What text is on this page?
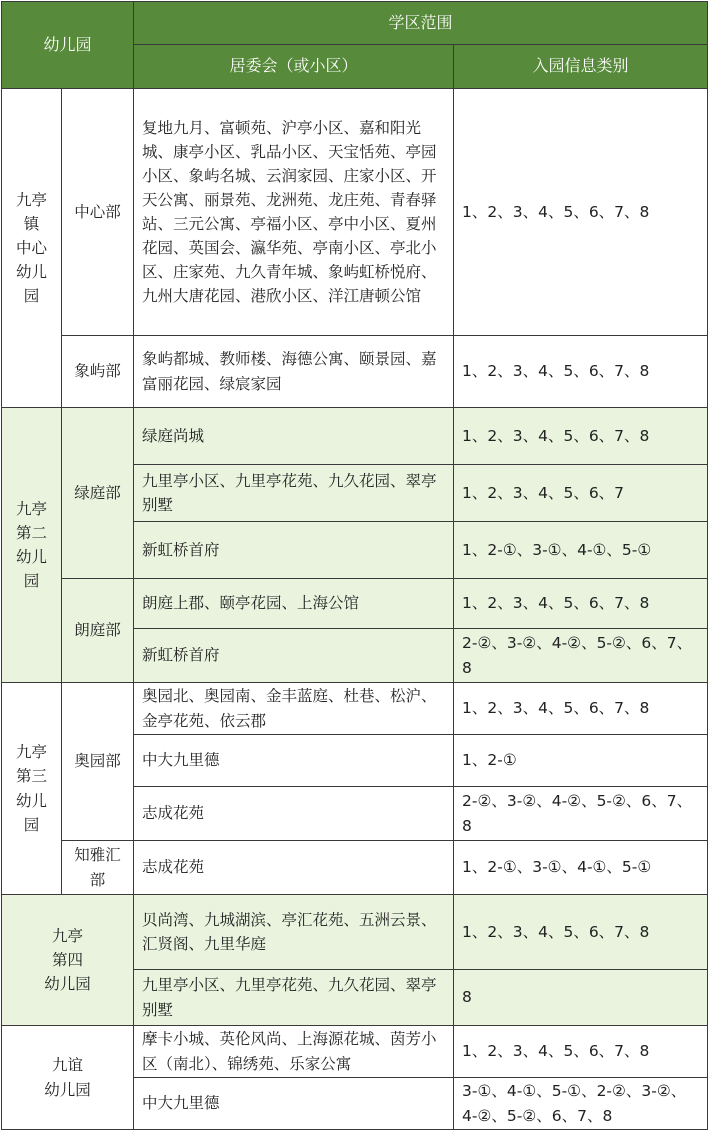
幼儿园		学区范围	
		居委会（或小区）	入园信息类别

九亭镇
中心
幼儿园	中心部	复地九月、富顿苑、沪亭小区、嘉和阳光城、康亭小区、乳品小区、天宝恬苑、亭园小区、象屿名城、云润家园、庄家小区、开天公寓、丽景苑、龙洲苑、龙庄苑、青春驿站、三元公寓、亭福小区、亭中小区、夏州花园、英国会、瀛华苑、亭南小区、亭北小区、庄家苑、九久青年城、象屿虹桥悦府、九州大唐花园、港欣小区、洋江唐顿公馆	1、2、3、4、5、6、7、8
	象屿部	象屿都城、教师楼、海德公寓、颐景园、嘉富丽花园、绿宸家园	1、2、3、4、5、6、7、8

九亭
第二
幼儿园	绿庭部	绿庭尚城	1、2、3、4、5、6、7、8
		九里亭小区、九里亭花苑、九久花园、翠亭别墅	1、2、3、4、5、6、7
		新虹桥首府	1、2-①、3-①、4-①、5-①
	朗庭部	朗庭上郡、颐亭花园、上海公馆	1、2、3、4、5、6、7、8
		新虹桥首府	2-②、3-②、4-②、5-②、6、7、8

九亭
第三
幼儿园	奥园部	奥园北、奥园南、金丰蓝庭、杜巷、松沪、金亭花苑、依云郡	1、2、3、4、5、6、7、8
		中大九里德	1、2-①
		志成花苑	2-②、3-②、4-②、5-②、6、7、8
	知雅汇部	志成花苑	1、2-①、3-①、4-①、5-①

九亭
第四
幼儿园		贝尚湾、九城湖滨、亭汇花苑、五洲云景、汇贤阁、九里华庭	1、2、3、4、5、6、7、8
		九里亭小区、九里亭花苑、九久花园、翠亭别墅	8

九谊
幼儿园		摩卡小城、英伦风尚、上海源花城、茵芳小区（南北）、锦绣苑、乐家公寓	1、2、3、4、5、6、7、8
		中大九里德	3-①、4-①、5-①、2-②、3-②、4-②、5-②、6、7、8
